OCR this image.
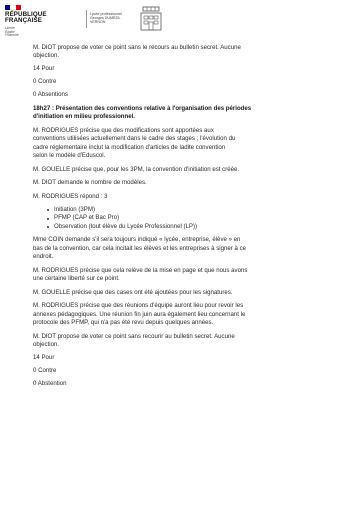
RÉPUBLIQUE
FRANÇAISE
Liberté
Égalité
Fraternité
Lycée professionnel
Georges DUMÉZIL
VERNON

M. DIOT propose de voter ce point sans le recours au bulletin secret. Aucune
objection.

14 Pour

0 Contre

0 Absentions

18h27 : Présentation des conventions relative à l'organisation des périodes
d'initiation en milieu professionnel.

M. RODRIGUES précise que des modifications sont apportées aux
conventions utilisées actuellement dans le cadre des stages ; l'évolution du
cadre réglementaire inclut la modification d'articles de ladite convention
selon le modèle d'Eduscol.

M. GOUELLE précise que, pour les 3PM, la convention d'initiation est créée.

M. DIOT demande le nombre de modèles.

M. RODRIGUES répond : 3

Initiation (3PM)
PFMP (CAP et Bac Pro)
Observation (tout élève du Lycée Professionnel (LP))

Mme COIN demande s'il sera toujours indiqué « lycée, entreprise, élève » en
bas de la convention, car cela incitait les élèves et les entreprises à signer à ce
endroit.

M. RODRIGUES précise que cela relève de la mise en page et que nous avons
une certaine liberté sur ce point.

M. GOUELLE précise que des cases ont été ajoutées pour les signatures.

M. RODRIGUES précise que des réunions d'équipe auront lieu pour revoir les
annexes pédagogiques. Une réunion fin juin aura également lieu concernant le
protocole des PFMP, qui n'a pas été revu depuis quelques années.

M. DIOT propose de voter ce point sans recourir au bulletin secret. Aucune
objection.

14 Pour

0 Contre

0 Abstention
